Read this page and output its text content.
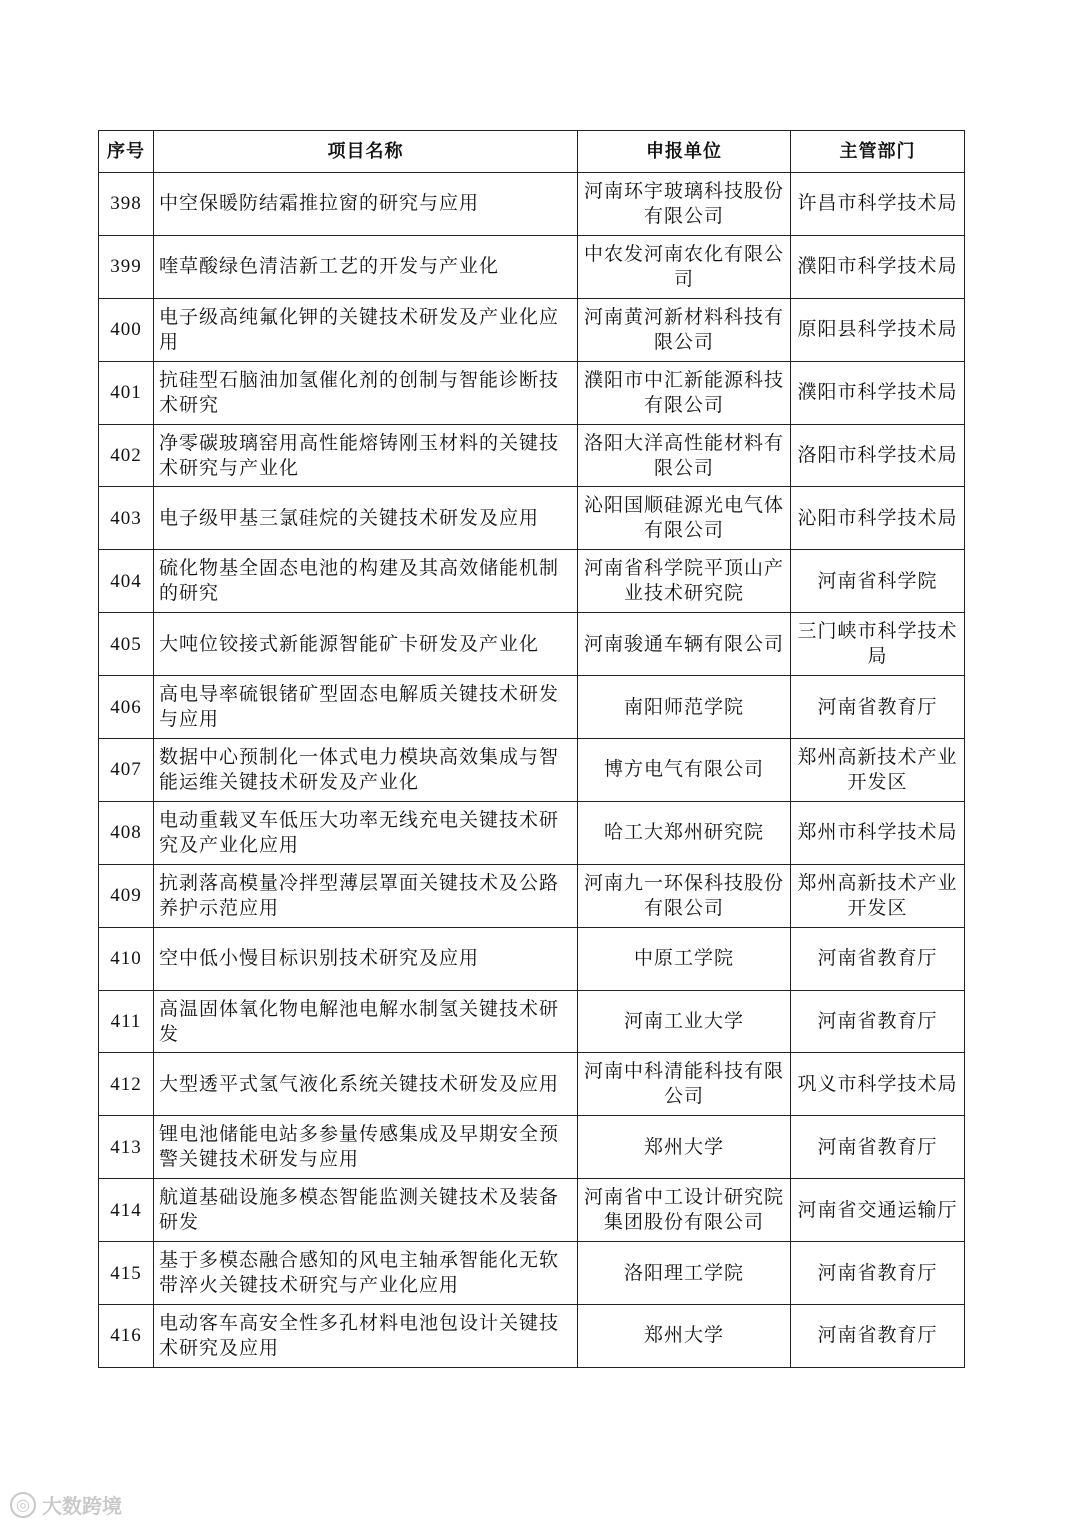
序号	项目名称	申报单位	主管部门
398	中空保暖防结霜推拉窗的研究与应用	河南环宇玻璃科技股份有限公司	许昌市科学技术局
399	喹草酸绿色清洁新工艺的开发与产业化	中农发河南农化有限公司	濮阳市科学技术局
400	电子级高纯氟化钾的关键技术研发及产业化应用	河南黄河新材料科技有限公司	原阳县科学技术局
401	抗硅型石脑油加氢催化剂的创制与智能诊断技术研究	濮阳市中汇新能源科技有限公司	濮阳市科学技术局
402	净零碳玻璃窑用高性能熔铸刚玉材料的关键技术研究与产业化	洛阳大洋高性能材料有限公司	洛阳市科学技术局
403	电子级甲基三氯硅烷的关键技术研发及应用	沁阳国顺硅源光电气体有限公司	沁阳市科学技术局
404	硫化物基全固态电池的构建及其高效储能机制的研究	河南省科学院平顶山产业技术研究院	河南省科学院
405	大吨位铰接式新能源智能矿卡研发及产业化	河南骏通车辆有限公司	三门峡市科学技术局
406	高电导率硫银锗矿型固态电解质关键技术研发与应用	南阳师范学院	河南省教育厅
407	数据中心预制化一体式电力模块高效集成与智能运维关键技术研发及产业化	博方电气有限公司	郑州高新技术产业开发区
408	电动重载叉车低压大功率无线充电关键技术研究及产业化应用	哈工大郑州研究院	郑州市科学技术局
409	抗剥落高模量冷拌型薄层罩面关键技术及公路养护示范应用	河南九一环保科技股份有限公司	郑州高新技术产业开发区
410	空中低小慢目标识别技术研究及应用	中原工学院	河南省教育厅
411	高温固体氧化物电解池电解水制氢关键技术研发	河南工业大学	河南省教育厅
412	大型透平式氢气液化系统关键技术研发及应用	河南中科清能科技有限公司	巩义市科学技术局
413	锂电池储能电站多参量传感集成及早期安全预警关键技术研发与应用	郑州大学	河南省教育厅
414	航道基础设施多模态智能监测关键技术及装备研发	河南省中工设计研究院集团股份有限公司	河南省交通运输厅
415	基于多模态融合感知的风电主轴承智能化无软带淬火关键技术研究与产业化应用	洛阳理工学院	河南省教育厅
416	电动客车高安全性多孔材料电池包设计关键技术研究及应用	郑州大学	河南省教育厅
◎ 大数跨境
